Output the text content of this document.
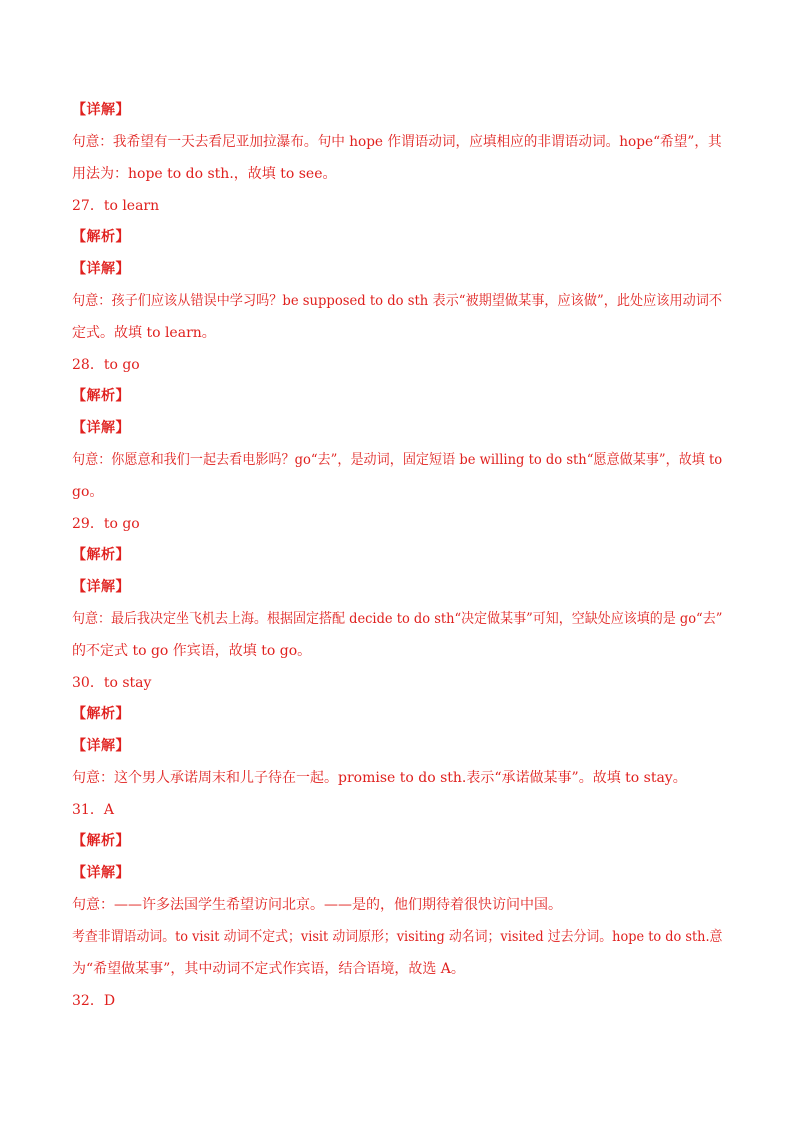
【详解】
句意：我希望有一天去看尼亚加拉瀑布。句中 hope 作谓语动词，应填相应的非谓语动词。hope“希望”，其
用法为：hope to do sth.，故填 to see。
27．to learn
【解析】
【详解】
句意：孩子们应该从错误中学习吗？be supposed to do sth 表示“被期望做某事，应该做”，此处应该用动词不
定式。故填 to learn。
28．to go
【解析】
【详解】
句意：你愿意和我们一起去看电影吗？go“去”，是动词，固定短语 be willing to do sth“愿意做某事”，故填 to
go。
29．to go
【解析】
【详解】
句意：最后我决定坐飞机去上海。根据固定搭配 decide to do sth“决定做某事”可知，空缺处应该填的是 go“去”
的不定式 to go 作宾语，故填 to go。
30．to stay
【解析】
【详解】
句意：这个男人承诺周末和儿子待在一起。promise to do sth.表示“承诺做某事”。故填 to stay。
31．A
【解析】
【详解】
句意：——许多法国学生希望访问北京。——是的，他们期待着很快访问中国。
考查非谓语动词。to visit 动词不定式；visit 动词原形；visiting 动名词；visited 过去分词。hope to do sth.意
为“希望做某事”，其中动词不定式作宾语，结合语境，故选 A。
32．D
